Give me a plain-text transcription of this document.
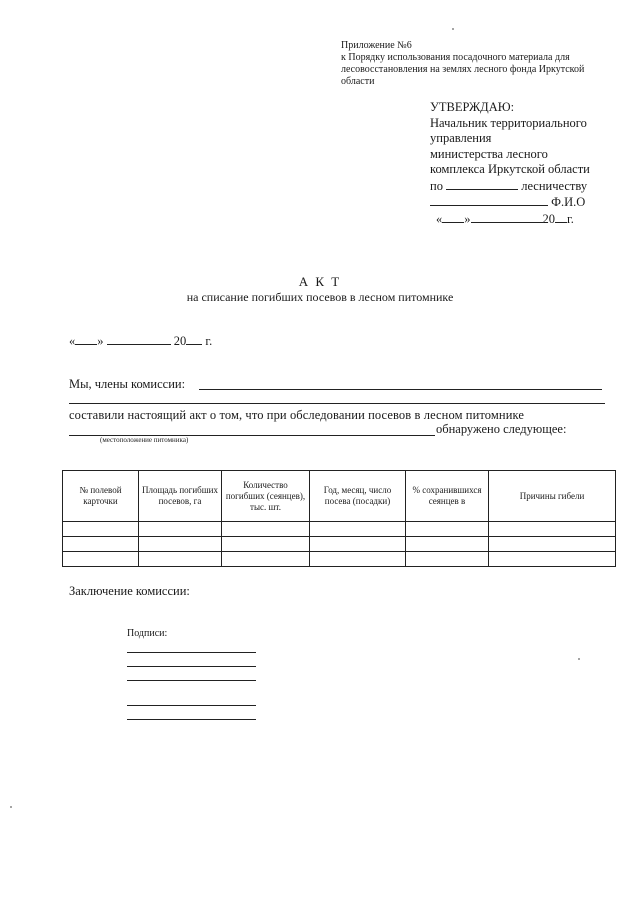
Приложение №6
к Порядку использования посадочного материала для
лесовосстановления на землях лесного фонда Иркутской
области
УТВЕРЖДАЮ:
Начальник территориального
управления
министерства лесного
комплекса Иркутской области
по	лесничеству
Ф.И.О
« »	20 г.
А К Т
на списание погибших посевов в лесном питомнике
« »	20 г.
Мы, члены комиссии:
составили настоящий акт о том, что при обследовании посевов в лесном питомнике
обнаружено следующее:
(местоположение питомника)
№ полевой карточки	Площадь погибших посевов, га	Количество погибших (сеянцев), тыс. шт.	Год, месяц, число посева (посадки)	% сохранившихся сеянцев в	Причины гибели

Заключение комиссии:
Подписи:
